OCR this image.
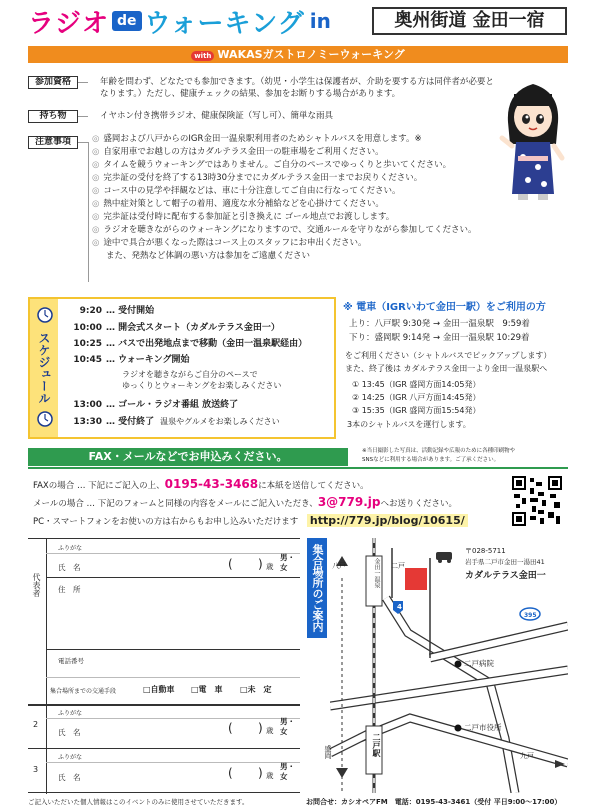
ラジオ de ウォーキング in	奥州街道 金田一宿
with WAKASガストロノミーウォーキング
参加資格	年齢を問わず、どなたでも参加できます。（幼児・小学生は保護者が、介助を要する方は同伴者が必要となります。）ただし、健康チェックの結果、参加をお断りする場合があります。
持ち物	イヤホン付き携帯ラジオ、健康保険証（写し可）、簡単な雨具
注意事項	◎ 盛岡および八戸からのIGR金田一温泉駅利用者のためシャトルバスを用意します。※
◎ 自家用車でお越しの方はカダルテラス金田一の駐車場をご利用ください。
◎ タイムを競うウォーキングではありません。ご自分のペースでゆっくりと歩いてください。
◎ 完歩証の受付を終了する13時30分までにカダルテラス金田一までお戻りください。
◎ コース中の見学や拝観などは、車に十分注意してご自由に行なってください。
◎ 熱中症対策として帽子の着用、適度な水分補給などを心掛けてください。
◎ 完歩証は受付時に配布する参加証と引き換えに ゴール地点でお渡しします。
◎ ラジオを聴きながらのウォーキングになりますので、交通ルールを守りながら参加してください。
◎ 途中で具合が悪くなった際はコース上のスタッフにお申出ください。
また、発熱など体調の悪い方は参加をご遠慮ください
スケジュール
9:20 … 受付開始
10:00 … 開会式スタート（カダルテラス金田一）
10:25 … バスで出発地点まで移動（金田一温泉駅経由）
10:45 … ウォーキング開始
ラジオを聴きながらご自分のペースで
ゆっくりとウォーキングをお楽しみください
13:00 … ゴール・ラジオ番組 放送終了
13:30 … 受付終了 温泉やグルメをお楽しみください
※ 電車（IGRいわて金田一駅）をご利用の方
上り：八戸駅 9:30発 → 金田一温泉駅　9:59着
下り：盛岡駅 9:14発 → 金田一温泉駅 10:29着
をご利用ください（シャトルバスでピックアップします）
また、終了後は カダルテラス金田一より金田一温泉駅へ
① 13:45（IGR 盛岡方面14:05発）
② 14:25（IGR 八戸方面14:45発）
③ 15:35（IGR 盛岡方面15:54発）
3本のシャトルバスを運行します。
※当日撮影した写真は、活動記録や広報のために各種印刷物や
SNSなどに利用する場合があります。ご了承ください。
FAX・メールなどでお申込みください。
FAXの場合 … 下記にご記入の上、0195-43-3468に本紙を送信してください。
メールの場合 … 下記のフォームと同様の内容をメールにご記入いただき、3@779.jpへお送りください。
PC・スマートフォンをお使いの方は右からもお申し込みいただけます http://779.jp/blog/10615/
代表者
ふりがな
氏　名	( ) 歳
男・女
住　所
電話番号
集合場所までの交通手段	□自動車 □電　車 □未　定
2
ふりがな
氏　名	( ) 歳
男・女
3
ふりがな
氏　名	( ) 歳
男・女
ご記入いただいた個人情報はこのイベントのみに使用させていただきます。
集合場所のご案内	〒028-5711
岩手県二戸市金田一湯田41
カダルテラス金田一
八戸	二戸
金田一温泉
4
395
二戸病院
二戸市役所
二戸駅
盛岡	九戸
お問合せ：カシオペアFM　 電話：0195-43-3461（受付 平日9:00〜17:00）
